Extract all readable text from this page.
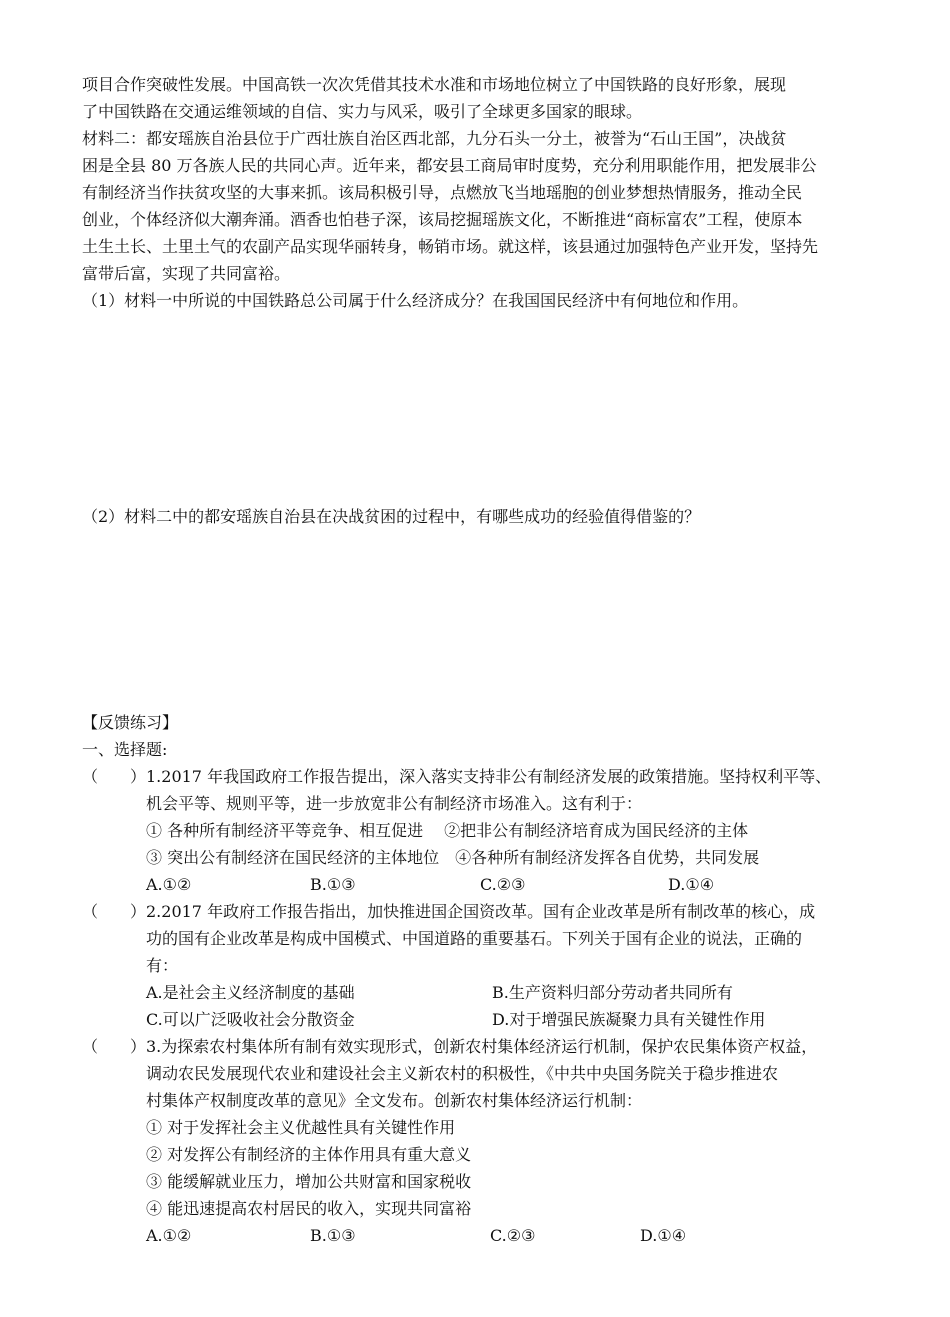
项目合作突破性发展。中国高铁一次次凭借其技术水准和市场地位树立了中国铁路的良好形象，展现
了中国铁路在交通运维领域的自信、实力与风采，吸引了全球更多国家的眼球。
材料二：都安瑶族自治县位于广西壮族自治区西北部，九分石头一分土，被誉为“石山王国”，决战贫
困是全县 80 万各族人民的共同心声。近年来，都安县工商局审时度势，充分利用职能作用，把发展非公
有制经济当作扶贫攻坚的大事来抓。该局积极引导，点燃放飞当地瑶胞的创业梦想热情服务，推动全民
创业，个体经济似大潮奔涌。酒香也怕巷子深，该局挖掘瑶族文化，不断推进“商标富农”工程，使原本
土生土长、土里土气的农副产品实现华丽转身，畅销市场。就这样，该县通过加强特色产业开发，坚持先
富带后富，实现了共同富裕。
（1）材料一中所说的中国铁路总公司属于什么经济成分？在我国国民经济中有何地位和作用。
（2）材料二中的都安瑶族自治县在决战贫困的过程中，有哪些成功的经验值得借鉴的？
【反馈练习】
一、选择题:
（　　） 1.2017 年我国政府工作报告提出，深入落实支持非公有制经济发展的政策措施。坚持权利平等、
机会平等、规则平等，进一步放宽非公有制经济市场准入。这有利于：
① 各种所有制经济平等竞争、相互促进　 ②把非公有制经济培育成为国民经济的主体
③ 突出公有制经济在国民经济的主体地位　④各种所有制经济发挥各自优势，共同发展
A.①②	B.①③	C.②③	D.①④
（　　） 2.2017 年政府工作报告指出，加快推进国企国资改革。国有企业改革是所有制改革的核心，成
功的国有企业改革是构成中国模式、中国道路的重要基石。下列关于国有企业的说法，正确的
有：
A.是社会主义经济制度的基础	B.生产资料归部分劳动者共同所有
C.可以广泛吸收社会分散资金	D.对于增强民族凝聚力具有关键性作用
（　　） 3.为探索农村集体所有制有效实现形式，创新农村集体经济运行机制，保护农民集体资产权益，
调动农民发展现代农业和建设社会主义新农村的积极性，《中共中央国务院关于稳步推进农
村集体产权制度改革的意见》全文发布。创新农村集体经济运行机制：
① 对于发挥社会主义优越性具有关键性作用
② 对发挥公有制经济的主体作用具有重大意义
③ 能缓解就业压力，增加公共财富和国家税收
④ 能迅速提高农村居民的收入，实现共同富裕
A.①②	B.①③	C.②③	D.①④
